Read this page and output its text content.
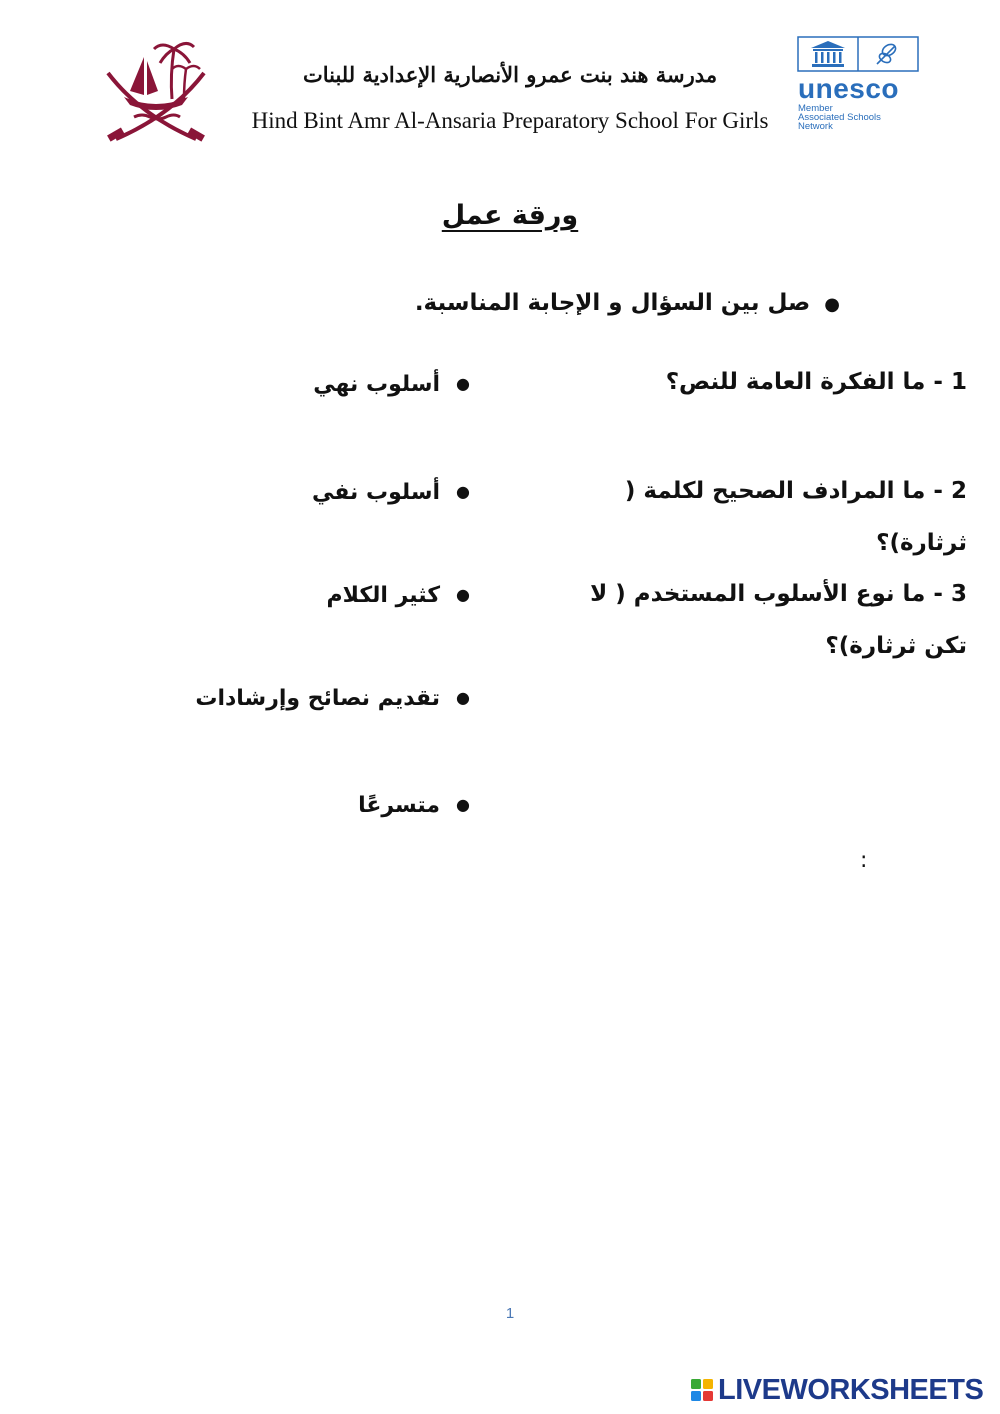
مدرسة هند بنت عمرو الأنصارية الإعدادية للبنات
Hind Bint Amr Al-Ansaria Preparatory School For Girls
unesco
Member
Associated Schools
Network
ورقة عمل
●صل بين السؤال و الإجابة المناسبة.
1 - ما الفكرة العامة للنص؟
2 - ما المرادف الصحيح لكلمة ( ثرثارة)؟
3 - ما نوع الأسلوب المستخدم ( لا تكن ثرثارة)؟
●أسلوب نهي
●أسلوب نفي
●كثير الكلام
●تقديم نصائح وإرشادات
●متسرعًا
:
1
LIVEWORKSHEETS
